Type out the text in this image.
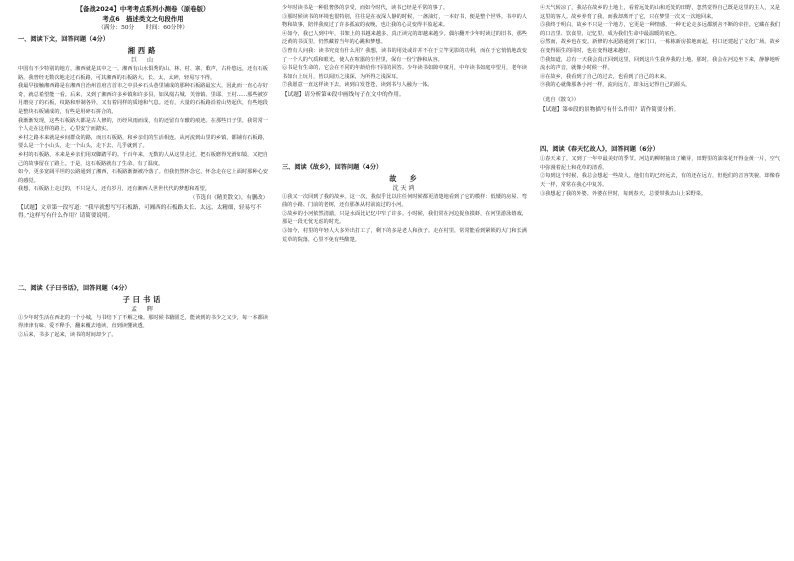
【备战2024】中考考点系列小测卷（原卷版）
考点6　描述类文之句段作用
（满分：50分　　时间：60分钟）
一、阅读下文，回答问题（4分）
湘西路
巨　山

中国有不少特别的地方，湘西就是其中之一。湘西有山水俱秀的山、林、村、寨、歌声，古朴悠远，还有石板路。我曾经无数次地走过石板路，可其湘西的石板路大、长、太、太碎，轻易写不得。

我最早接触湘西路是在湘西自治州首府吉首市之中县乡石头巷里铺成的那种石板路最宏大，因此而一直心存好奇，就总希望能一看。后来，又到了湘西许多乡镇和许多县，如凤凰古城、芙蓉镇、里耶、王村……那些被岁月磨亮了的石板，纹路和形制各异，又有着同样的质地和气息。还有，大量的石板路沿着山势起伏，有些地段是整块石板铺成的，有些是用碎石拼合的。

我渐渐发现，这些石板路大都是古人修的，历经风雨而成，有的还留有车辙的痕迹。在那些日子里，我常常一个人走在这样的路上，心里安宁而踏实。

乡村之路本来就是乡间群众的路，而且石板路，和乡亲们的生活相连。从河流到山里的乡镇，都铺有石板路，要么是一个小山头，走一个山头，走下去，几乎就到了。

乡村的石板路，本来是乡亲们用双脚踏平的。千百年来，无数的人从这里走过，把石板磨得光滑如镜，又把自己的故事留在了路上。于是，这石板路就有了生命、有了温度。

如今，更多宽阔平坦的公路通到了湘西，石板路渐渐被冷落了。但我仍然怀念它，怀念走在它上面时那种心安的感觉。

我想，石板路上走过的，不只是人，还有岁月，还有湘西人世世代代的梦想和希望。

（节选自《精美散文》，有删改）
【试题】文章第一段写道：“我早就想写写石板路，可湘西的石板路太长、太远、太精细，轻易写不得。”这样写有什么作用？请简要说明。
二、阅读《子曰书话》，回答问题（4分）
子曰书话
孟　晖

①少年时生活在西北的一个小城，与书结下了不解之缘。那时候书籍匮乏，能读到的书少之又少，每一本都读得津津有味、爱不释手，翻来覆去地读，直到读懂读透。

②后来，书多了起来，读书的时间却少了。

少年时读书是一种很奢侈的享受，而如今时代，读书已经是平常的事了。

③那时候读书的环境也很特别，往往是在夜深人静的时候，一盏油灯，一本好书，便是整个世界。书中的人物和故事，陪伴我度过了许多孤寂的夜晚，也让我的心灵变得丰盈起来。

④如今，我已人到中年，书架上的书越来越多，真正读完的却越来越少。偶尔翻开少年时读过的旧书，那些泛黄的书页里，仍然藏着当年的心跳和梦想。

⑤曾有人问我：读书究竟有什么用？我想，读书的用处或许并不在于立竿见影的功利，而在于它悄悄地改变了一个人的气质和眼光，使人在喧嚣的尘世里，保有一份宁静和从容。

⑥书是有生命的，它会在不同的年龄给你不同的回答。少年读书如隙中窥月，中年读书如庭中望月，老年读书如台上玩月，皆以阅历之浅深，为所得之浅深耳。

⑦我愿意一直这样读下去，读到白发苍苍，读到书与人融为一体。

【试题】请分析第④段中画线句子在文中的作用。
三、阅读《故乡》，回答问题（4分）
故　乡
沈天鸿

①我又一次回到了我的故乡。这一次，我似乎比以往任何时候都更清楚地看到了它的模样：低矮的房屋、弯曲的小路、门前的老树，还有那条从村前流过的小河。

②故乡的小河依然清澈，只是水面比记忆中窄了许多。小时候，我们常在河边捉鱼摸虾，在河里游泳嬉戏，那是一段无忧无虑的时光。

③如今，村里的年轻人大多外出打工了，剩下的多是老人和孩子。走在村里，常常能看到紧锁的大门和长满荒草的院落，心里不免有些酸楚。

④天气转凉了，我站在故乡的土地上，看着远处的山和近处的田野，忽然觉得自己既是这里的主人，又是这里的客人。故乡养育了我，而我却离开了它，只在梦里一次又一次地回来。

⑤我终于明白，故乡不只是一个地方，它更是一种情感，一种无论走多远都割舍不断的牵挂。它藏在我们的口音里、饮食里、记忆里，成为我们生命中最温暖的底色。

⑥然而，故乡也在变。新修的水泥路通到了家门口，一栋栋新房拔地而起，村口还建起了文化广场。故乡在变得陌生的同时，也在变得越来越好。

⑦我知道，总有一天我会真正回到这里，回到这片生我养我的土地。那时，我会在河边坐下来，静静地听流水的声音，就像小时候一样。

⑧在故乡，我看到了自己的过去，也看到了自己的未来。

⑨我的心就像那条小河一样，流向远方，却永远记得自己的源头。

（选自《散文》）
【试题】第⑥段的景物描写有什么作用？请作简要分析。
四、阅读《春天忆故人》，回答问题（6分）

①春天来了，又到了一年中最美好的季节。河边的柳树抽出了嫩芽，田野里的油菜花开得金黄一片，空气中弥漫着泥土和花草的清香。

②每到这个时候，我总会想起一些故人。他们有的已经远去，有的还在远方，但他们的音容笑貌，却像春天一样，常常在我心中复苏。

③我想起了我的外婆。外婆在世时，每到春天，总要带我去山上采野菜。
